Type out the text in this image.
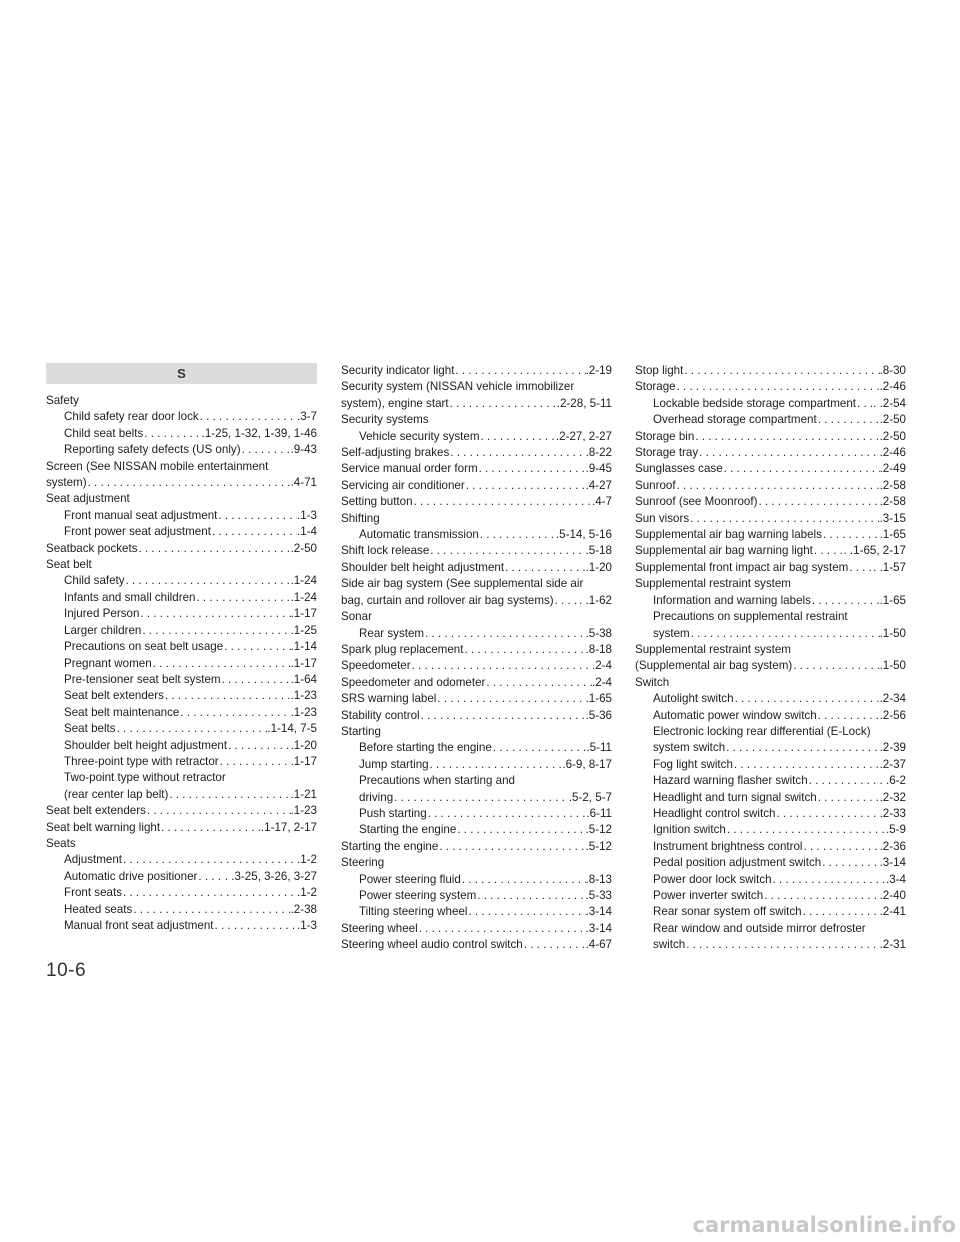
S
Safety
Child safety rear door lock . . .	.3-7
Child seat belts . . .	.1-25, 1-32, 1-39, 1-46
Reporting safety defects (US only) . . .	.9-43
Screen (See NISSAN mobile entertainment
system) . . .	.4-71
Seat adjustment
Front manual seat adjustment . . .	.1-3
Front power seat adjustment . . .	.1-4
Seatback pockets . . .	.2-50
Seat belt
Child safety . . .	.1-24
Infants and small children . . .	.1-24
Injured Person . . .	.1-17
Larger children . . .	.1-25
Precautions on seat belt usage . . .	.1-14
Pregnant women . . .	.1-17
Pre-tensioner seat belt system . . .	.1-64
Seat belt extenders . . .	.1-23
Seat belt maintenance . . .	.1-23
Seat belts . . .	.1-14, 7-5
Shoulder belt height adjustment . . .	.1-20
Three-point type with retractor . . .	.1-17
Two-point type without retractor
(rear center lap belt) . . .	.1-21
Seat belt extenders . . .	.1-23
Seat belt warning light . . .	.1-17, 2-17
Seats
Adjustment . . .	.1-2
Automatic drive positioner . . . . .3-25, 3-26, 3-27
Front seats . . .	.1-2
Heated seats . . .	.2-38
Manual front seat adjustment . . .	.1-3
Security indicator light . . .	.2-19
Security system (NISSAN vehicle immobilizer
system), engine start . . .	.2-28, 5-11
Security systems
Vehicle security system . . .	.2-27, 2-27
Self-adjusting brakes . . .	.8-22
Service manual order form . . .	.9-45
Servicing air conditioner . . .	.4-27
Setting button . . .	.4-7
Shifting
Automatic transmission . . .	.5-14, 5-16
Shift lock release . . .	.5-18
Shoulder belt height adjustment . . .	.1-20
Side air bag system (See supplemental side air
bag, curtain and rollover air bag systems) . . . . .1-62
Sonar
Rear system . . .	.5-38
Spark plug replacement . . .	.8-18
Speedometer . . .	.2-4
Speedometer and odometer . . .	.2-4
SRS warning label . . .	.1-65
Stability control . . .	.5-36
Starting
Before starting the engine . . .	.5-11
Jump starting . . .	.6-9, 8-17
Precautions when starting and
driving . . .	.5-2, 5-7
Push starting . . .	.6-11
Starting the engine . . .	.5-12
Starting the engine . . .	.5-12
Steering
Power steering fluid . . .	.8-13
Power steering system . . .	.5-33
Tilting steering wheel . . .	.3-14
Steering wheel . . .	.3-14
Steering wheel audio control switch . . .	.4-67
Stop light . . .	.8-30
Storage . . .	.2-46
Lockable bedside storage compartment . . . . .2-54
Overhead storage compartment . . .	.2-50
Storage bin . . .	.2-50
Storage tray . . .	.2-46
Sunglasses case . . .	.2-49
Sunroof . . .	.2-58
Sunroof (see Moonroof) . . .	.2-58
Sun visors . . .	.3-15
Supplemental air bag warning labels . . .	.1-65
Supplemental air bag warning light . . .	. .1-65, 2-17
Supplemental front impact air bag system . . . . .1-57
Supplemental restraint system
Information and warning labels . . .	.1-65
Precautions on supplemental restraint
system . . .	.1-50
Supplemental restraint system
(Supplemental air bag system) . . .	.1-50
Switch
Autolight switch . . .	.2-34
Automatic power window switch . . .	.2-56
Electronic locking rear differential (E-Lock)
system switch . . .	.2-39
Fog light switch . . .	.2-37
Hazard warning flasher switch . . .	.6-2
Headlight and turn signal switch . . .	.2-32
Headlight control switch . . .	.2-33
Ignition switch . . .	.5-9
Instrument brightness control . . .	.2-36
Pedal position adjustment switch . . .	.3-14
Power door lock switch . . .	.3-4
Power inverter switch . . .	.2-40
Rear sonar system off switch . . .	.2-41
Rear window and outside mirror defroster
switch . . .	.2-31
10-6
carmanualsonline.info
